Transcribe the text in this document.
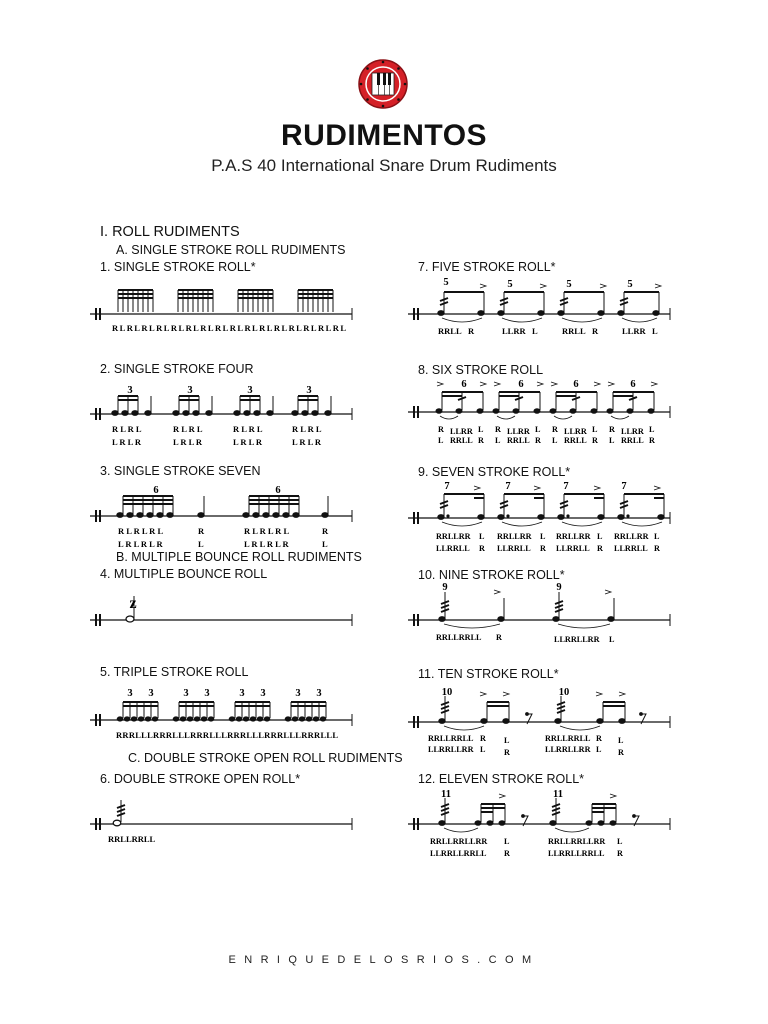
RUDIMENTOS
P.A.S 40 International Snare Drum Rudiments
I. ROLL RUDIMENTS
A. SINGLE STROKE ROLL RUDIMENTS
B. MULTIPLE BOUNCE ROLL RUDIMENTS
C. DOUBLE STROKE OPEN ROLL RUDIMENTS
1. SINGLE STROKE ROLL*
2. SINGLE STROKE FOUR
3. SINGLE STROKE SEVEN
4. MULTIPLE BOUNCE ROLL
5. TRIPLE STROKE ROLL
6. DOUBLE STROKE OPEN ROLL*
7. FIVE STROKE ROLL*
8. SIX STROKE ROLL
9. SEVEN STROKE ROLL*
10. NINE STROKE ROLL*
11. TEN STROKE ROLL*
12. ELEVEN STROKE ROLL*
RLRLRLRLRLRLRLRLRLRLRLRLRLRLRLRL
3	3	3	3
R L R L	R L R L	R L R L	R L R L
L R L R	L R L R	L R L R	L R L R
6	6
R L R L R L	R	R L R L R L	R
L R L R L R	L	L R L R L R	L
z
3 3	3 3	3 3	3 3
RRRLLLRRRLLLRRRLLLRRRLLLRRRLLLRRRLLL
RRLLRRLL
5	5	5	5
RRLL R	LLRR L	RRLL R	LLRR L
6	6	6	6
R LLRR L
L RRLL R
R LLRR L
L RRLL R
R LLRR L
L RRLL R
R LLRR L
L RRLL R
7	7	7	7
RRLLRR L
LLRRLL R
RRLLRR L
LLRRLL R
RRLLRR L
LLRRLL R
RRLLRR L
LLRRLL R
9	9
RRLLRRLL R	LLRRLLRR L
10	10
RRLLRRLL R L
LLRRLLRR L R
RRLLRRLL R L
LLRRLLRR L R
11	11
RRLLRRLLRR L
LLRRLLRRLL R
RRLLRRLLRR L
LLRRLLRRLL R
ENRIQUEDELOSRIOS.COM
